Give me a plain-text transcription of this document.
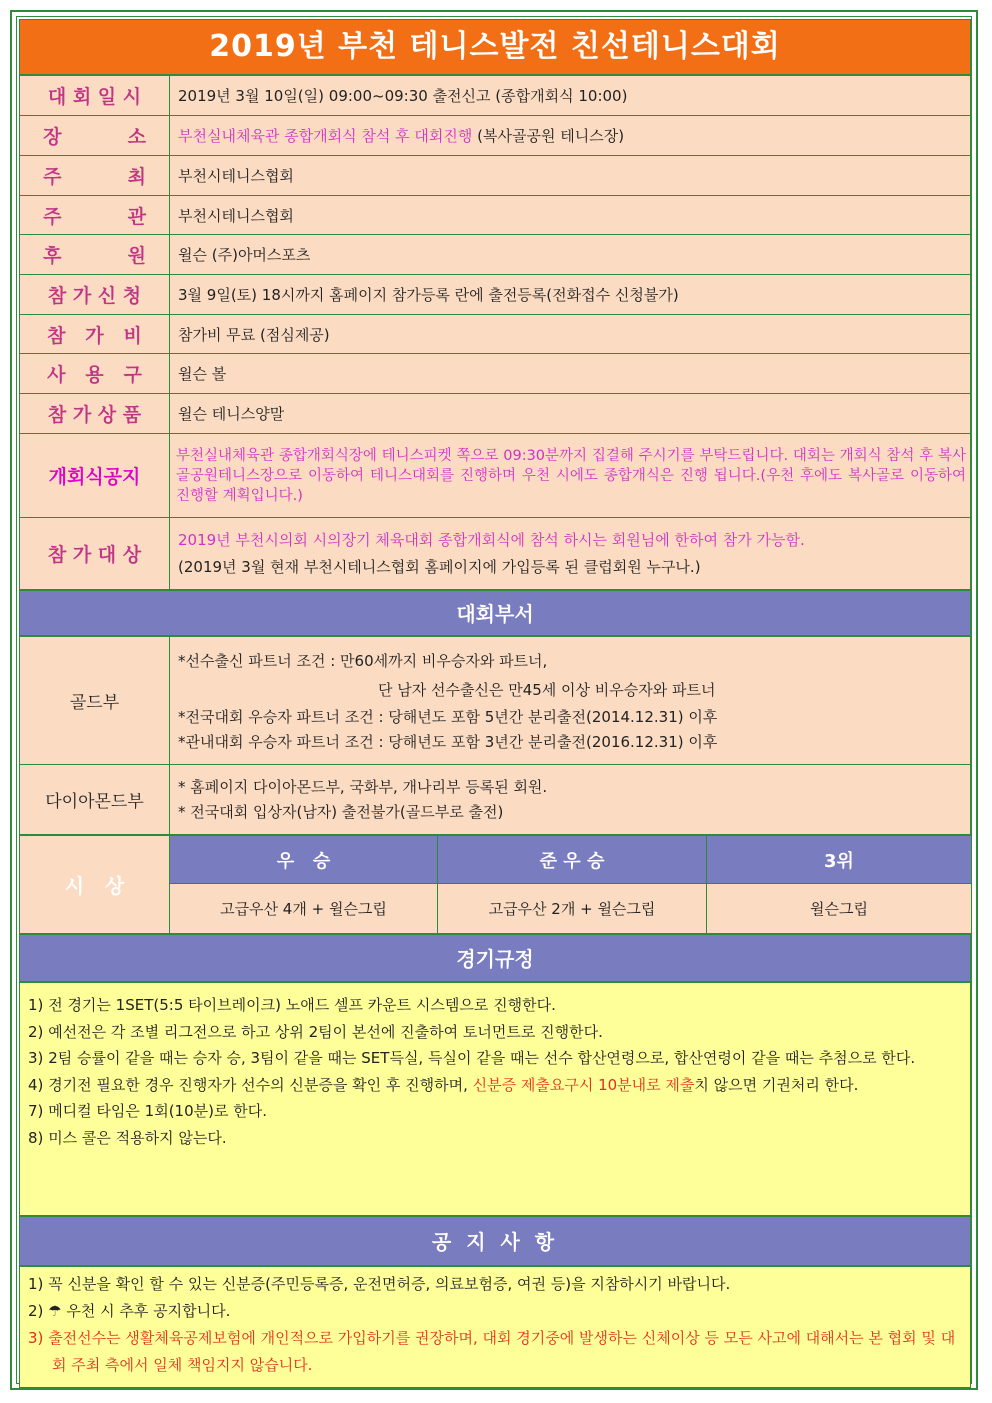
2019년 부천 테니스발전 친선테니스대회
대 회 일 시	2019년 3월 10일(일) 09:00~09:30 출전신고 (종합개회식 10:00)
장          소	부천실내체육관 종합개회식 참석 후 대회진행 (복사골공원 테니스장)
주          최	부천시테니스협회
주          관	부천시테니스협회
후          원	윌슨 (주)아머스포츠
참 가 신 청	3월 9일(토) 18시까지 홈페이지 참가등록 란에 출전등록(전화접수 신청불가)
참   가   비	참가비 무료 (점심제공)
사   용   구	윌슨 볼
참 가 상 품	윌슨 테니스양말
개회식공지	부천실내체육관 종합개회식장에 테니스피켓 쪽으로 09:30분까지 집결해 주시기를 부탁드립니다. 대회는 개회식 참석 후 복사골공원테니스장으로 이동하여 테니스대회를 진행하며 우천 시에도 종합개식은 진행 됩니다.(우천 후에도 복사골로 이동하여 진행할 계획입니다.)
참 가 대 상	2019년 부천시의회 시의장기 체육대회 종합개회식에 참석 하시는 회원님에 한하여 참가 가능함.
(2019년 3월 현재 부천시테니스협회 홈페이지에 가입등록 된 클럽회원 누구나.)
대회부서
골드부	*선수출신 파트너 조건 : 만60세까지 비우승자와 파트너,
단 남자 선수출신은 만45세 이상 비우승자와 파트너
*전국대회 우승자 파트너 조건 : 당해년도 포함 5년간 분리출전(2014.12.31) 이후
*관내대회 우승자 파트너 조건 : 당해년도 포함 3년간 분리출전(2016.12.31) 이후

다이아몬드부	* 홈페이지 다이아몬드부, 국화부, 개나리부 등록된 회원.
* 전국대회 입상자(남자) 출전불가(골드부로 출전)
시   상	우   승	준 우 승	3위
	고급우산 4개 + 윌슨그립	고급우산 2개 + 윌슨그립	윌슨그립
경기규정
1) 전 경기는 1SET(5:5 타이브레이크) 노애드 셀프 카운트 시스템으로 진행한다.
2) 예선전은 각 조별 리그전으로 하고 상위 2팀이 본선에 진출하여 토너먼트로 진행한다.
3) 2팀 승률이 같을 때는 승자 승, 3팀이 같을 때는 SET득실, 득실이 같을 때는 선수 합산연령으로, 합산연령이 같을 때는 추첨으로 한다.
4) 경기전 필요한 경우 진행자가 선수의 신분증을 확인 후 진행하며, 신분증 제출요구시 10분내로 제출치 않으면 기권처리 한다.
7) 메디컬 타임은 1회(10분)로 한다.
8) 미스 콜은 적용하지 않는다.
공 지 사 항
1) 꼭 신분을 확인 할 수 있는 신분증(주민등록증, 운전면허증, 의료보험증, 여권 등)을 지참하시기 바랍니다.
2) ☂ 우천 시 추후 공지합니다.
3) 출전선수는 생활체육공제보험에 개인적으로 가입하기를 권장하며, 대회 경기중에 발생하는 신체이상 등 모든 사고에 대해서는 본 협회 및 대회 주최 측에서 일체 책임지지 않습니다.
